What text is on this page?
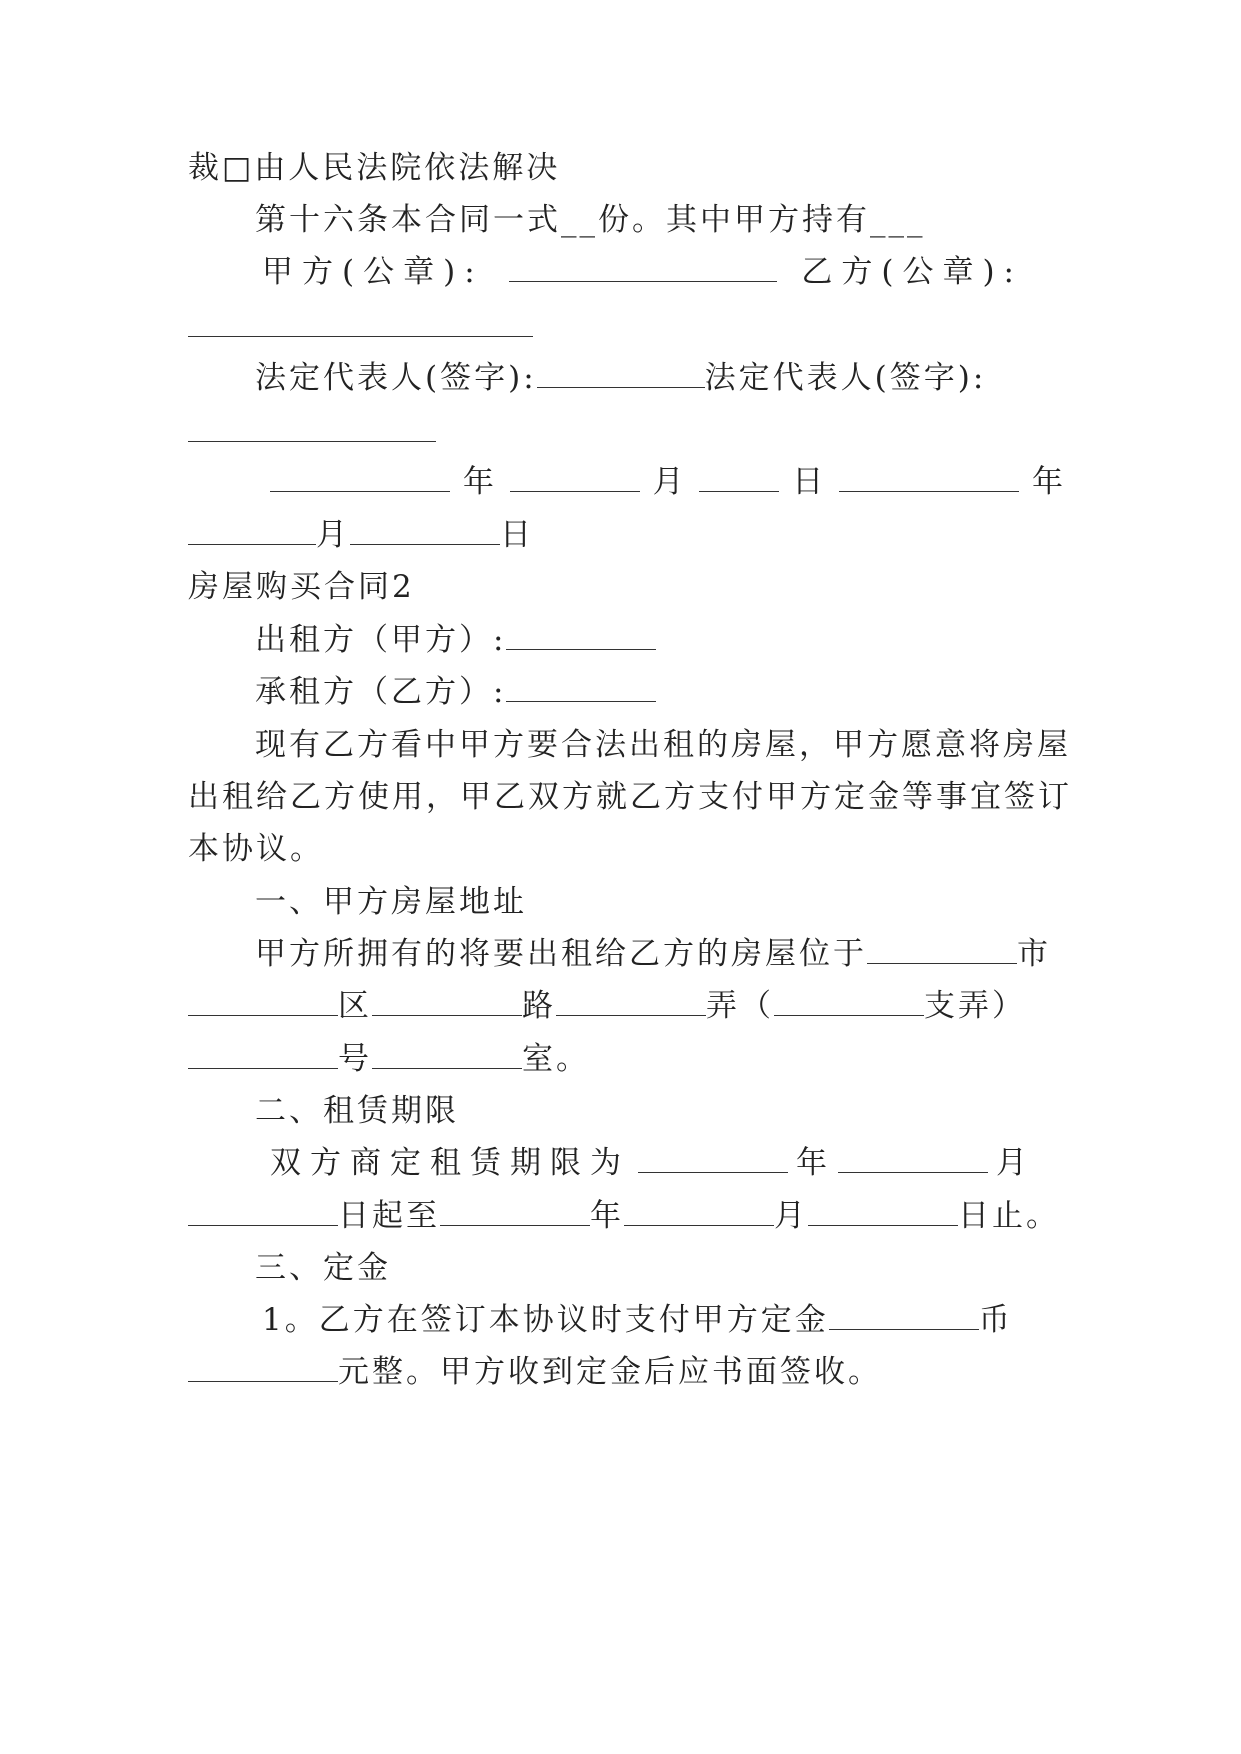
裁□由人民法院依法解决
第十六条本合同一式__份。其中甲方持有___
甲方(公章):	乙方(公章):
法定代表人(签字):	法定代表人(签字):
年	月	日	年
月	日
房屋购买合同2
出租方（甲方）:
承租方（乙方）:
现有乙方看中甲方要合法出租的房屋，甲方愿意将房屋
出租给乙方使用，甲乙双方就乙方支付甲方定金等事宜签订
本协议。
一、甲方房屋地址
甲方所拥有的将要出租给乙方的房屋位于	市
区	路	弄（	支弄）
号	室。
二、租赁期限
双方商定租赁期限为	年	月
日起至	年	月	日止。
三、定金
1。乙方在签订本协议时支付甲方定金	币
元整。甲方收到定金后应书面签收。
